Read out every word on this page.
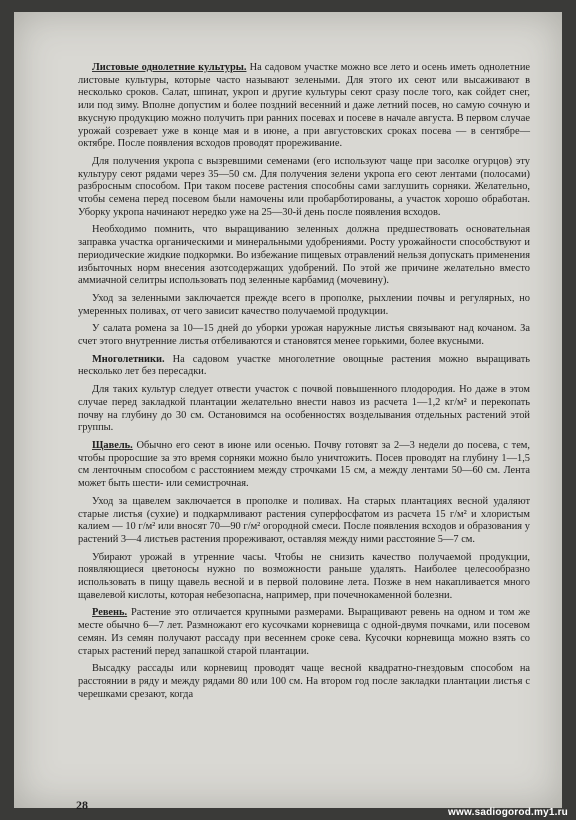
Листовые однолетние культуры. На садовом участке можно все лето и осень иметь однолетние листовые культуры, которые часто называют зелеными. Для этого их сеют или высаживают в несколько сроков. Салат, шпинат, укроп и другие культуры сеют сразу после того, как сойдет снег, или под зиму. Вполне допустим и более поздний весенний и даже летний посев, но самую сочную и вкусную продукцию можно получить при ранних посевах и посеве в начале августа. В первом случае урожай созревает уже в конце мая и в июне, а при августовских сроках посева — в сентябре—октябре. После появления всходов проводят прореживание.

Для получения укропа с вызревшими семенами (его используют чаще при засолке огурцов) эту культуру сеют рядами через 35—50 см. Для получения зелени укропа его сеют лентами (полосами) разбросным способом. При таком посеве растения способны сами заглушить сорняки. Желательно, чтобы семена перед посевом были намочены или пробарботированы, а участок хорошо обработан. Уборку укропа начинают нередко уже на 25—30-й день после появления всходов.

Необходимо помнить, что выращиванию зеленных должна предшествовать основательная заправка участка органическими и минеральными удобрениями. Росту урожайности способствуют и периодические жидкие подкормки. Во избежание пищевых отравлений нельзя допускать применения избыточных норм внесения азотсодержащих удобрений. По этой же причине желательно вместо аммиачной селитры использовать под зеленные карбамид (мочевину).

Уход за зеленными заключается прежде всего в прополке, рыхлении почвы и регулярных, но умеренных поливах, от чего зависит качество получаемой продукции.

У салата ромена за 10—15 дней до уборки урожая наружные листья связывают над кочаном. За счет этого внутренние листья отбеливаются и становятся менее горькими, более вкусными.

Многолетники. На садовом участке многолетние овощные растения можно выращивать несколько лет без пересадки.

Для таких культур следует отвести участок с почвой повышенного плодородия. Но даже в этом случае перед закладкой плантации желательно внести навоз из расчета 1—1,2 кг/м² и перекопать почву на глубину до 30 см. Остановимся на особенностях возделывания отдельных растений этой группы.

Щавель. Обычно его сеют в июне или осенью. Почву готовят за 2—3 недели до посева, с тем, чтобы проросшие за это время сорняки можно было уничтожить. Посев проводят на глубину 1—1,5 см ленточным способом с расстоянием между строчками 15 см, а между лентами 50—60 см. Лента может быть шести- или семистрочная.

Уход за щавелем заключается в прополке и поливах. На старых плантациях весной удаляют старые листья (сухие) и подкармливают растения суперфосфатом из расчета 15 г/м² и хлористым калием — 10 г/м² или вносят 70—90 г/м² огородной смеси. После появления всходов и образования у растений 3—4 листьев растения прореживают, оставляя между ними расстояние 5—7 см.

Убирают урожай в утренние часы. Чтобы не снизить качество получаемой продукции, появляющиеся цветоносы нужно по возможности раньше удалять. Наиболее целесообразно использовать в пищу щавель весной и в первой половине лета. Позже в нем накапливается много щавелевой кислоты, которая небезопасна, например, при почечнокаменной болезни.

Ревень. Растение это отличается крупными размерами. Выращивают ревень на одном и том же месте обычно 6—7 лет. Размножают его кусочками корневища с одной-двумя почками, или посевом семян. Из семян получают рассаду при весеннем сроке сева. Кусочки корневища можно взять со старых растений перед запашкой старой плантации.

Высадку рассады или корневищ проводят чаще весной квадратно-гнездовым способом на расстоянии в ряду и между рядами 80 или 100 см. На втором год после закладки плантации листья с черешками срезают, когда

28
www.sadiogorod.my1.ru
